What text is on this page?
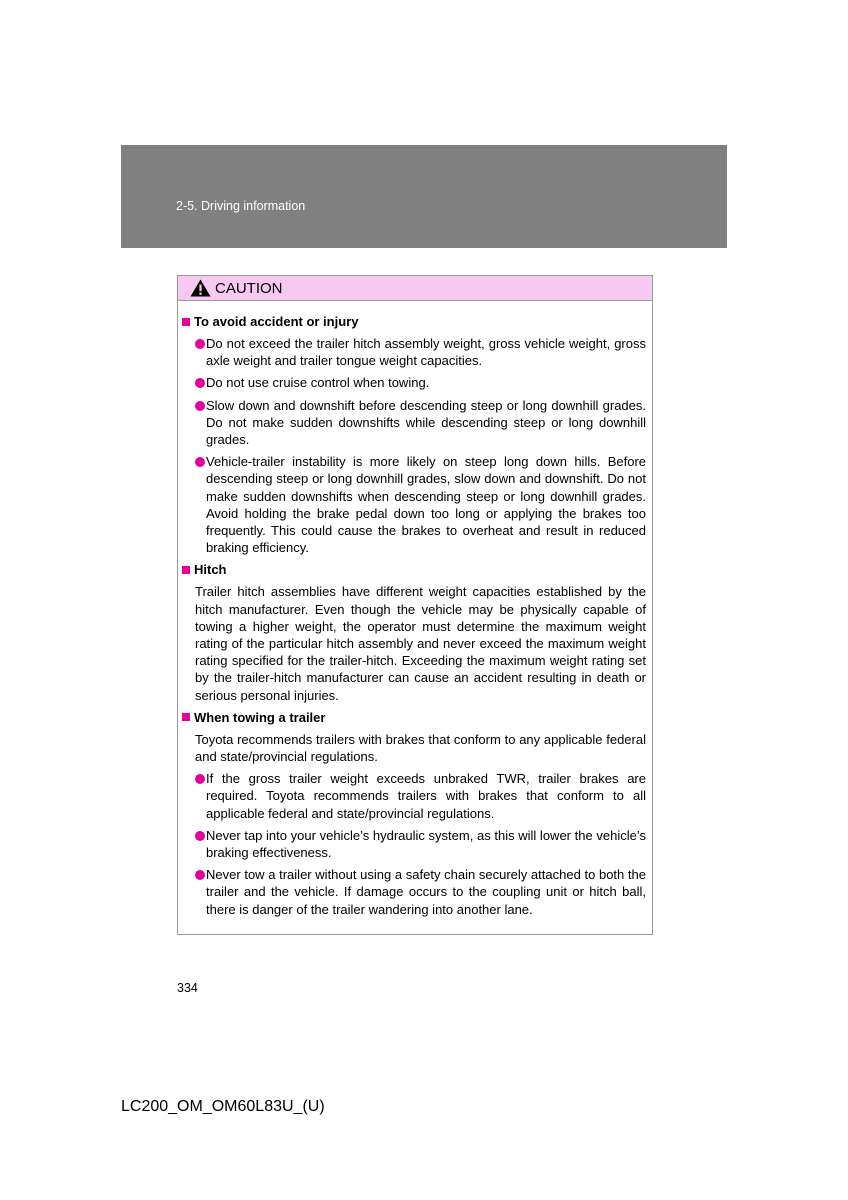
2-5. Driving information
CAUTION
To avoid accident or injury
Do not exceed the trailer hitch assembly weight, gross vehicle weight, gross axle weight and trailer tongue weight capacities.
Do not use cruise control when towing.
Slow down and downshift before descending steep or long downhill grades. Do not make sudden downshifts while descending steep or long downhill grades.
Vehicle-trailer instability is more likely on steep long down hills. Before descending steep or long downhill grades, slow down and downshift. Do not make sudden downshifts when descending steep or long downhill grades. Avoid holding the brake pedal down too long or applying the brakes too frequently. This could cause the brakes to overheat and result in reduced braking efficiency.
Hitch
Trailer hitch assemblies have different weight capacities established by the hitch manufacturer. Even though the vehicle may be physically capable of towing a higher weight, the operator must determine the maximum weight rating of the particular hitch assembly and never exceed the maximum weight rating specified for the trailer-hitch. Exceeding the maximum weight rating set by the trailer-hitch manufacturer can cause an accident resulting in death or serious personal injuries.
When towing a trailer
Toyota recommends trailers with brakes that conform to any applicable federal and state/provincial regulations.
If the gross trailer weight exceeds unbraked TWR, trailer brakes are required. Toyota recommends trailers with brakes that conform to all applicable federal and state/provincial regulations.
Never tap into your vehicle’s hydraulic system, as this will lower the vehicle’s braking effectiveness.
Never tow a trailer without using a safety chain securely attached to both the trailer and the vehicle. If damage occurs to the coupling unit or hitch ball, there is danger of the trailer wandering into another lane.
334
LC200_OM_OM60L83U_(U)
